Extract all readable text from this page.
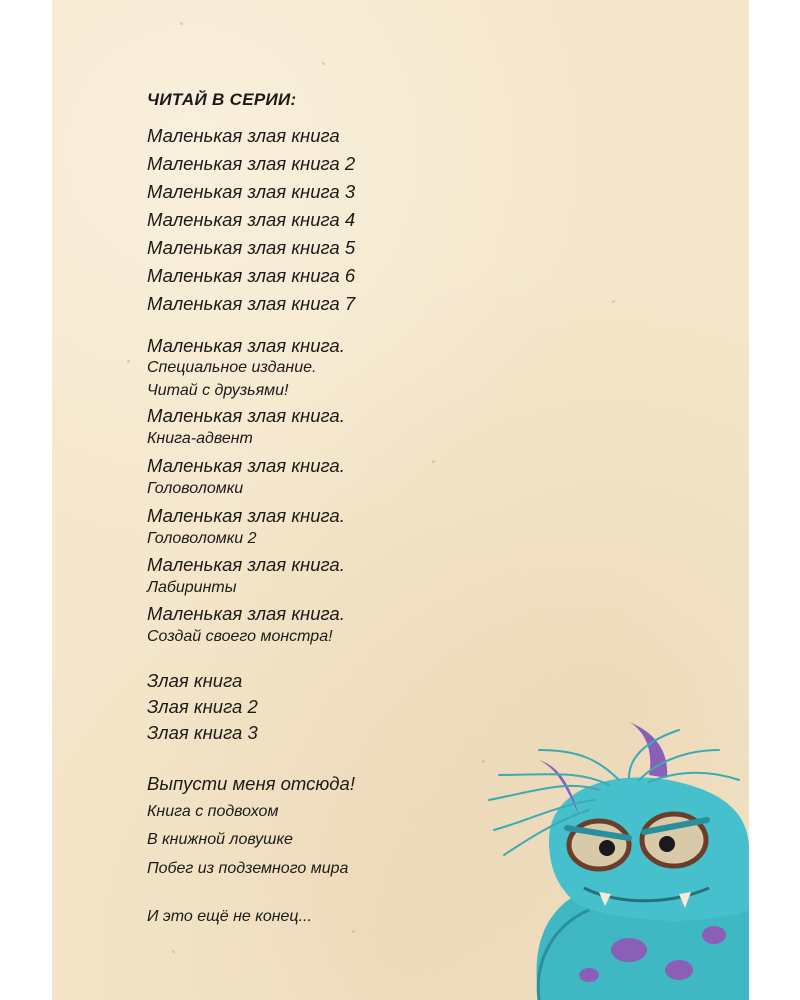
ЧИТАЙ В СЕРИИ:
Маленькая злая книга
Маленькая злая книга 2
Маленькая злая книга 3
Маленькая злая книга 4
Маленькая злая книга 5
Маленькая злая книга 6
Маленькая злая книга 7
Маленькая злая книга.
Специальное издание.
Читай с друзьями!
Маленькая злая книга.
Книга-адвент
Маленькая злая книга.
Головоломки
Маленькая злая книга.
Головоломки 2
Маленькая злая книга.
Лабиринты
Маленькая злая книга.
Создай своего монстра!
Злая книга
Злая книга 2
Злая книга 3
Выпусти меня отсюда!
Книга с подвохом
В книжной ловушке
Побег из подземного мира
И это ещё не конец...
